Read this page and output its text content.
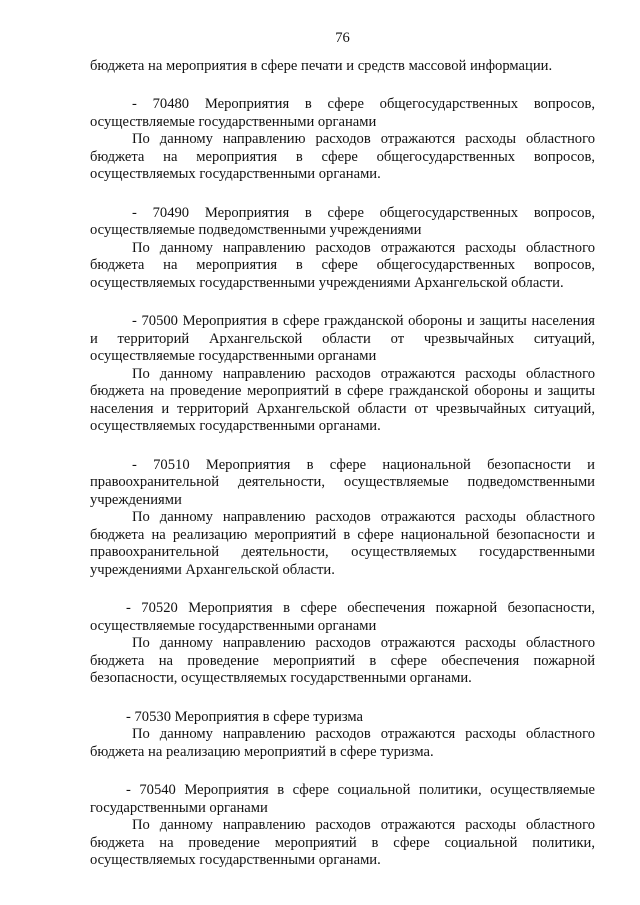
76

бюджета на мероприятия в сфере печати и средств массовой информации.

- 70480 Мероприятия в сфере общегосударственных вопросов, осуществляемые государственными органами

По данному направлению расходов отражаются расходы областного бюджета на мероприятия в сфере общегосударственных вопросов, осуществляемых государственными органами.

- 70490 Мероприятия в сфере общегосударственных вопросов, осуществляемые подведомственными учреждениями

По данному направлению расходов отражаются расходы областного бюджета на мероприятия в сфере общегосударственных вопросов, осуществляемых государственными учреждениями Архангельской области.

- 70500 Мероприятия в сфере гражданской обороны и защиты населения и территорий Архангельской области от чрезвычайных ситуаций, осуществляемые государственными органами

По данному направлению расходов отражаются расходы областного бюджета на проведение мероприятий в сфере гражданской обороны и защиты населения и территорий Архангельской области от чрезвычайных ситуаций, осуществляемых государственными органами.

- 70510 Мероприятия в сфере национальной безопасности и правоохранительной деятельности, осуществляемые подведомственными учреждениями

По данному направлению расходов отражаются расходы областного бюджета на реализацию мероприятий в сфере национальной безопасности и правоохранительной деятельности, осуществляемых государственными учреждениями Архангельской области.

- 70520 Мероприятия в сфере обеспечения пожарной безопасности, осуществляемые государственными органами

По данному направлению расходов отражаются расходы областного бюджета на проведение мероприятий в сфере обеспечения пожарной безопасности, осуществляемых государственными органами.

- 70530 Мероприятия в сфере туризма

По данному направлению расходов отражаются расходы областного бюджета на реализацию мероприятий в сфере туризма.

- 70540 Мероприятия в сфере социальной политики, осуществляемые государственными органами

По данному направлению расходов отражаются расходы областного бюджета на проведение мероприятий в сфере социальной политики, осуществляемых государственными органами.
